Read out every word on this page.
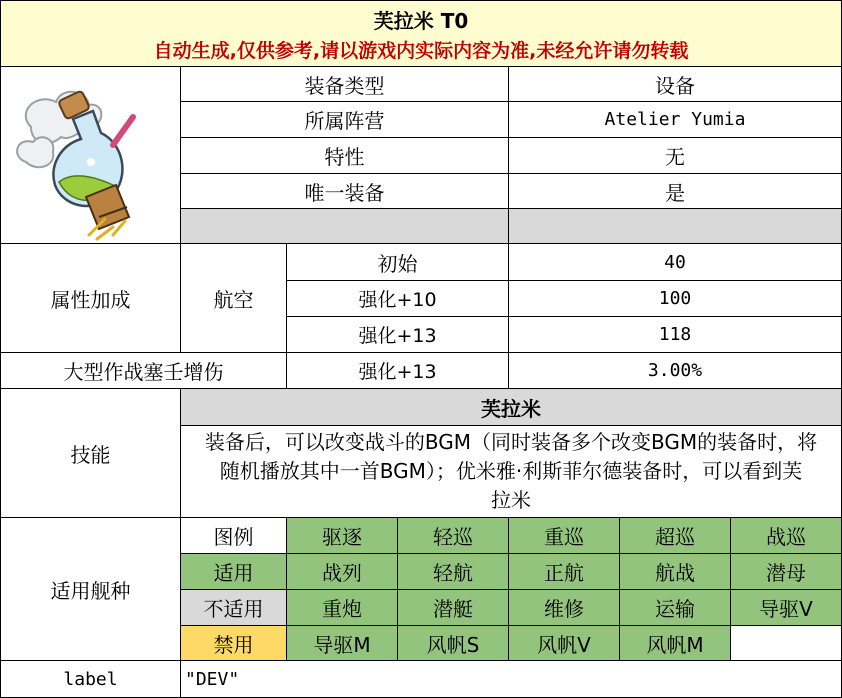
芙拉米 T0
自动生成,仅供参考,请以游戏内实际内容为准,未经允许请勿转载
装备类型	设备
所属阵营	Atelier Yumia
特性	无
唯一装备	是
属性加成	航空
初始	40
强化+10	100
强化+13	118
大型作战塞壬增伤	强化+13	3.00%
技能
芙拉米
装备后，可以改变战斗的BGM（同时装备多个改变BGM的装备时，将
随机播放其中一首BGM）；优米雅·利斯菲尔德装备时，可以看到芙
拉米
适用舰种
图例	驱逐	轻巡	重巡	超巡	战巡
适用	战列	轻航	正航	航战	潜母
不适用	重炮	潜艇	维修	运输	导驱V
禁用	导驱M	风帆S	风帆V	风帆M
label	"DEV"
